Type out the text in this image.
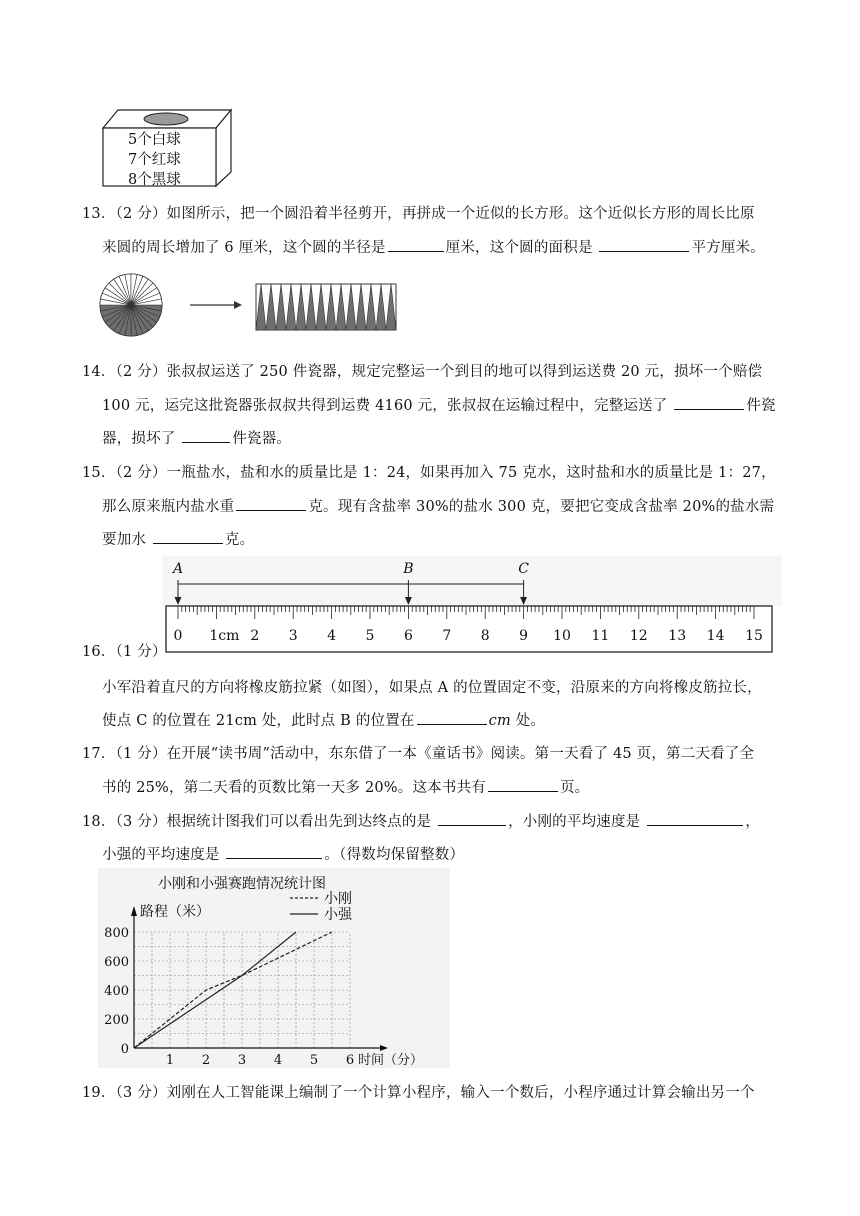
5个白球
7个红球
8个黑球
13．（2 分）如图所示，把一个圆沿着半径剪开，再拼成一个近似的长方形。这个近似长方形的周长比原
来圆的周长增加了 6 厘米，这个圆的半径是	厘米，这个圆的面积是	平方厘米。
14．（2 分）张叔叔运送了 250 件瓷器，规定完整运一个到目的地可以得到运送费 20 元，损坏一个赔偿
100 元，运完这批瓷器张叔叔共得到运费 4160 元，张叔叔在运输过程中，完整运送了	件瓷
器，损坏了	件瓷器。
15．（2 分）一瓶盐水，盐和水的质量比是 1：24，如果再加入 75 克水，这时盐和水的质量比是 1：27，
那么原来瓶内盐水重	克。现有含盐率 30%的盐水 300 克，要把它变成含盐率 20%的盐水需
要加水	克。
0 1cm 2 3 4 5 6 7 8 9 10 11 12 13 14 15
A	B	C
16．（1 分）
小军沿着直尺的方向将橡皮筋拉紧（如图），如果点 A 的位置固定不变，沿原来的方向将橡皮筋拉长，
使点 C 的位置在 21cm 处，此时点 B 的位置在	cm 处。
17．（1 分）在开展“读书周”活动中，东东借了一本《童话书》阅读。第一天看了 45 页，第二天看了全
书的 25%，第二天看的页数比第一天多 20%。这本书共有	页。
18．（3 分）根据统计图我们可以看出先到达终点的是	，小刚的平均速度是	，
小强的平均速度是	。（得数均保留整数）
0
200
400
600
800
1 2 3 4 5 6 时间（分）
路程（米）
小刚和小强赛跑情况统计图
小刚
小强
19．（3 分）刘刚在人工智能课上编制了一个计算小程序，输入一个数后，小程序通过计算会输出另一个
